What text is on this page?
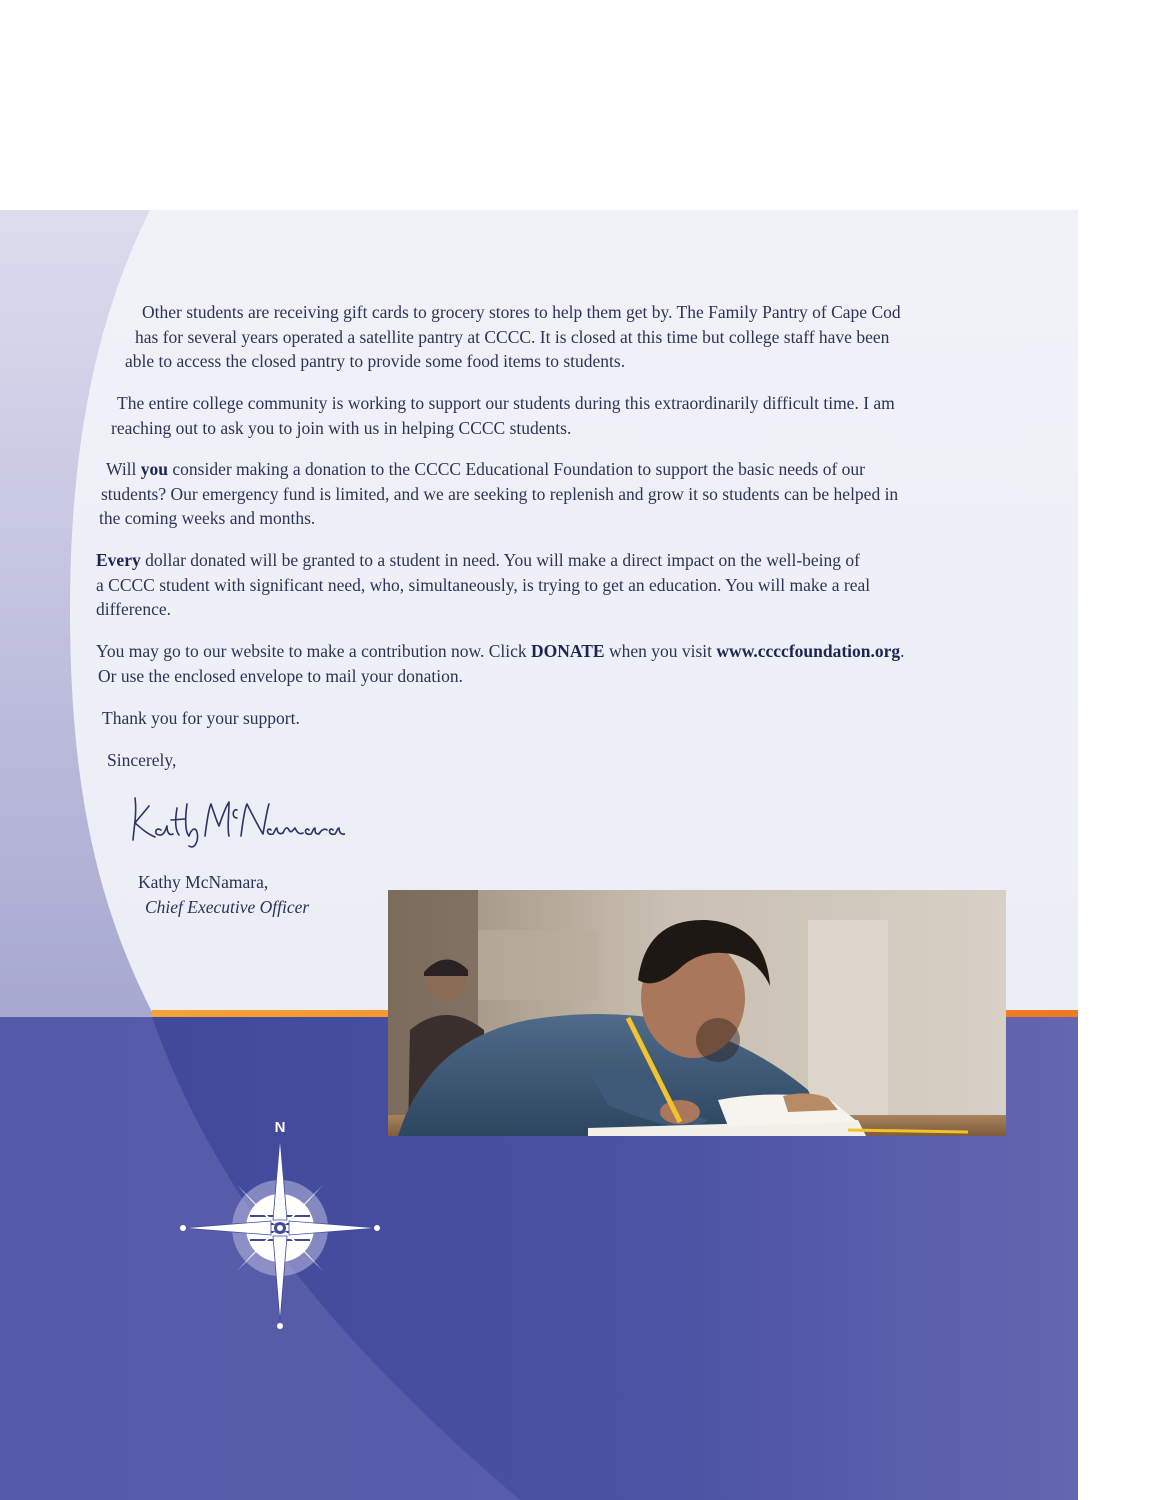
Other students are receiving gift cards to grocery stores to help them get by. The Family Pantry of Cape Cod
has for several years operated a satellite pantry at CCCC. It is closed at this time but college staff have been
able to access the closed pantry to provide some food items to students.

The entire college community is working to support our students during this extraordinarily difficult time. I am
reaching out to ask you to join with us in helping CCCC students.

Will you consider making a donation to the CCCC Educational Foundation to support the basic needs of our
students? Our emergency fund is limited, and we are seeking to replenish and grow it so students can be helped in
the coming weeks and months.

Every dollar donated will be granted to a student in need. You will make a direct impact on the well-being of
a CCCC student with significant need, who, simultaneously, is trying to get an education. You will make a real
difference.

You may go to our website to make a contribution now. Click DONATE when you visit www.ccccfoundation.org.
Or use the enclosed envelope to mail your donation.

Thank you for your support.

Sincerely,

Kathy McNamara,

Chief Executive Officer

N
